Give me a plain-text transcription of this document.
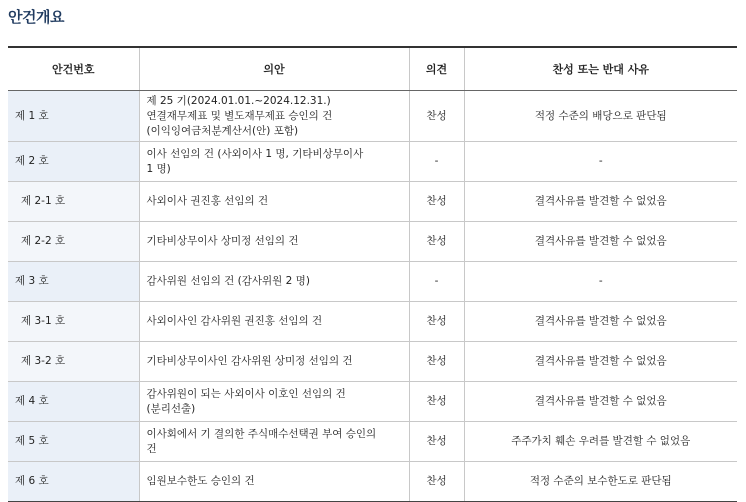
안건개요
안건번호	의안	의견	찬성 또는 반대 사유
제 1 호	제 25 기(2024.01.01.~2024.12.31.)
연결재무제표 및 별도재무제표 승인의 건
(이익잉여금처분계산서(안) 포함)	찬성	적정 수준의 배당으로 판단됨
제 2 호	이사 선임의 건 (사외이사 1 명, 기타비상무이사
1 명)	-	-
제 2-1 호	사외이사 권진홍 선임의 건	찬성	결격사유를 발견할 수 없었음
제 2-2 호	기타비상무이사 상미정 선임의 건	찬성	결격사유를 발견할 수 없었음
제 3 호	감사위원 선임의 건 (감사위원 2 명)	-	-
제 3-1 호	사외이사인 감사위원 권진홍 선임의 건	찬성	결격사유를 발견할 수 없었음
제 3-2 호	기타비상무이사인 감사위원 상미정 선임의 건	찬성	결격사유를 발견할 수 없었음
제 4 호	감사위원이 되는 사외이사 이호인 선임의 건
(분리선출)	찬성	결격사유를 발견할 수 없었음
제 5 호	이사회에서 기 결의한 주식매수선택권 부여 승인의
건	찬성	주주가치 훼손 우려를 발견할 수 없었음
제 6 호	임원보수한도 승인의 건	찬성	적정 수준의 보수한도로 판단됨
